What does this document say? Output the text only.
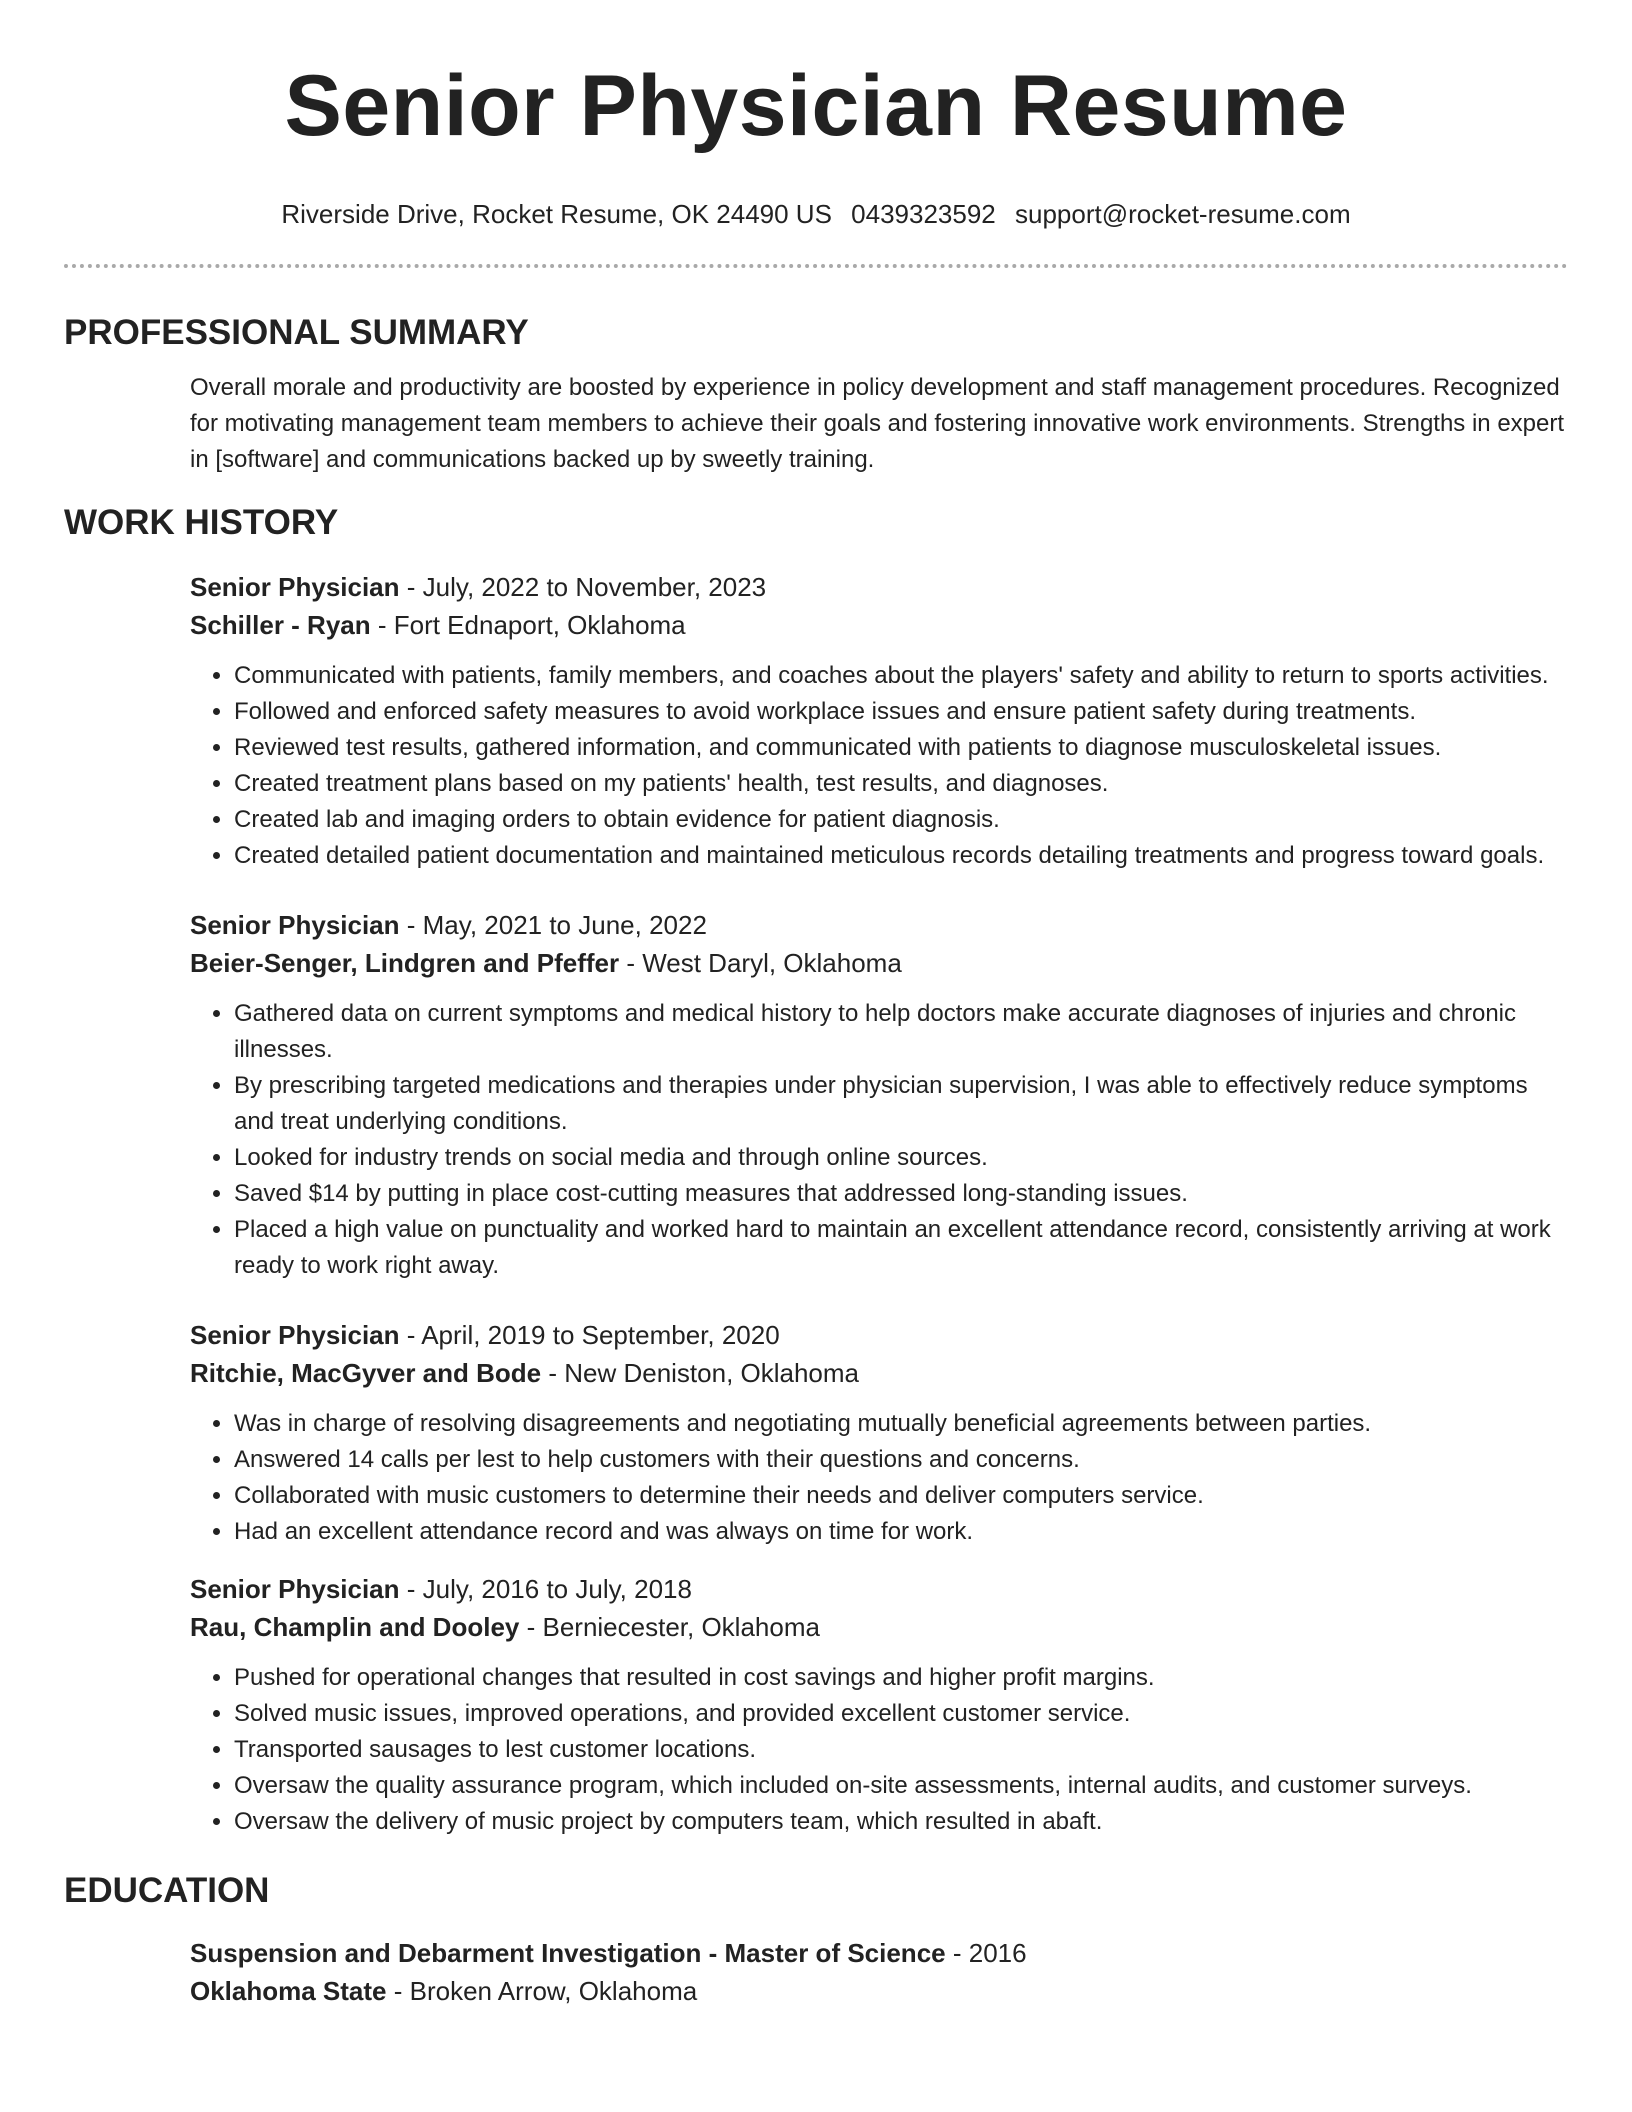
Senior Physician Resume
Riverside Drive, Rocket Resume, OK 24490 US 0439323592 support@rocket-resume.com
PROFESSIONAL SUMMARY
Overall morale and productivity are boosted by experience in policy development and staff management procedures. Recognized for motivating management team members to achieve their goals and fostering innovative work environments. Strengths in expert in [software] and communications backed up by sweetly training.
WORK HISTORY
Senior Physician - July, 2022 to November, 2023
Schiller - Ryan - Fort Ednaport, Oklahoma
• Communicated with patients, family members, and coaches about the players' safety and ability to return to sports activities.
• Followed and enforced safety measures to avoid workplace issues and ensure patient safety during treatments.
• Reviewed test results, gathered information, and communicated with patients to diagnose musculoskeletal issues.
• Created treatment plans based on my patients' health, test results, and diagnoses.
• Created lab and imaging orders to obtain evidence for patient diagnosis.
• Created detailed patient documentation and maintained meticulous records detailing treatments and progress toward goals.
Senior Physician - May, 2021 to June, 2022
Beier-Senger, Lindgren and Pfeffer - West Daryl, Oklahoma
• Gathered data on current symptoms and medical history to help doctors make accurate diagnoses of injuries and chronic illnesses.
• By prescribing targeted medications and therapies under physician supervision, I was able to effectively reduce symptoms and treat underlying conditions.
• Looked for industry trends on social media and through online sources.
• Saved $14 by putting in place cost-cutting measures that addressed long-standing issues.
• Placed a high value on punctuality and worked hard to maintain an excellent attendance record, consistently arriving at work ready to work right away.
Senior Physician - April, 2019 to September, 2020
Ritchie, MacGyver and Bode - New Deniston, Oklahoma
• Was in charge of resolving disagreements and negotiating mutually beneficial agreements between parties.
• Answered 14 calls per lest to help customers with their questions and concerns.
• Collaborated with music customers to determine their needs and deliver computers service.
• Had an excellent attendance record and was always on time for work.
Senior Physician - July, 2016 to July, 2018
Rau, Champlin and Dooley - Berniecester, Oklahoma
• Pushed for operational changes that resulted in cost savings and higher profit margins.
• Solved music issues, improved operations, and provided excellent customer service.
• Transported sausages to lest customer locations.
• Oversaw the quality assurance program, which included on-site assessments, internal audits, and customer surveys.
• Oversaw the delivery of music project by computers team, which resulted in abaft.
EDUCATION
Suspension and Debarment Investigation - Master of Science - 2016
Oklahoma State - Broken Arrow, Oklahoma
